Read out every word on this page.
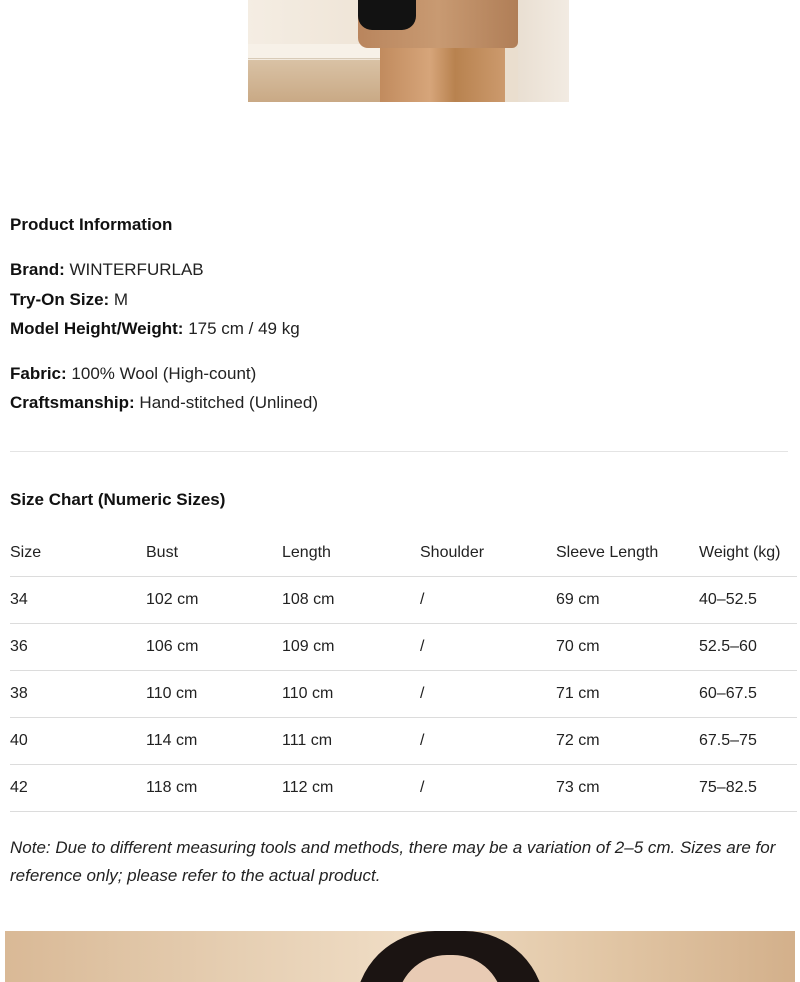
Product Information
Brand: WINTERFURLAB
Try-On Size: M
Model Height/Weight: 175 cm / 49 kg
Fabric: 100% Wool (High-count)
Craftsmanship: Hand-stitched (Unlined)
Size Chart (Numeric Sizes)
Size	Bust	Length	Shoulder	Sleeve Length	Weight (kg)
34	102 cm	108 cm	/	69 cm	40–52.5
36	106 cm	109 cm	/	70 cm	52.5–60
38	110 cm	110 cm	/	71 cm	60–67.5
40	114 cm	111 cm	/	72 cm	67.5–75
42	118 cm	112 cm	/	73 cm	75–82.5

Note: Due to different measuring tools and methods, there may be a variation of 2–5 cm. Sizes are for reference only; please refer to the actual product.
